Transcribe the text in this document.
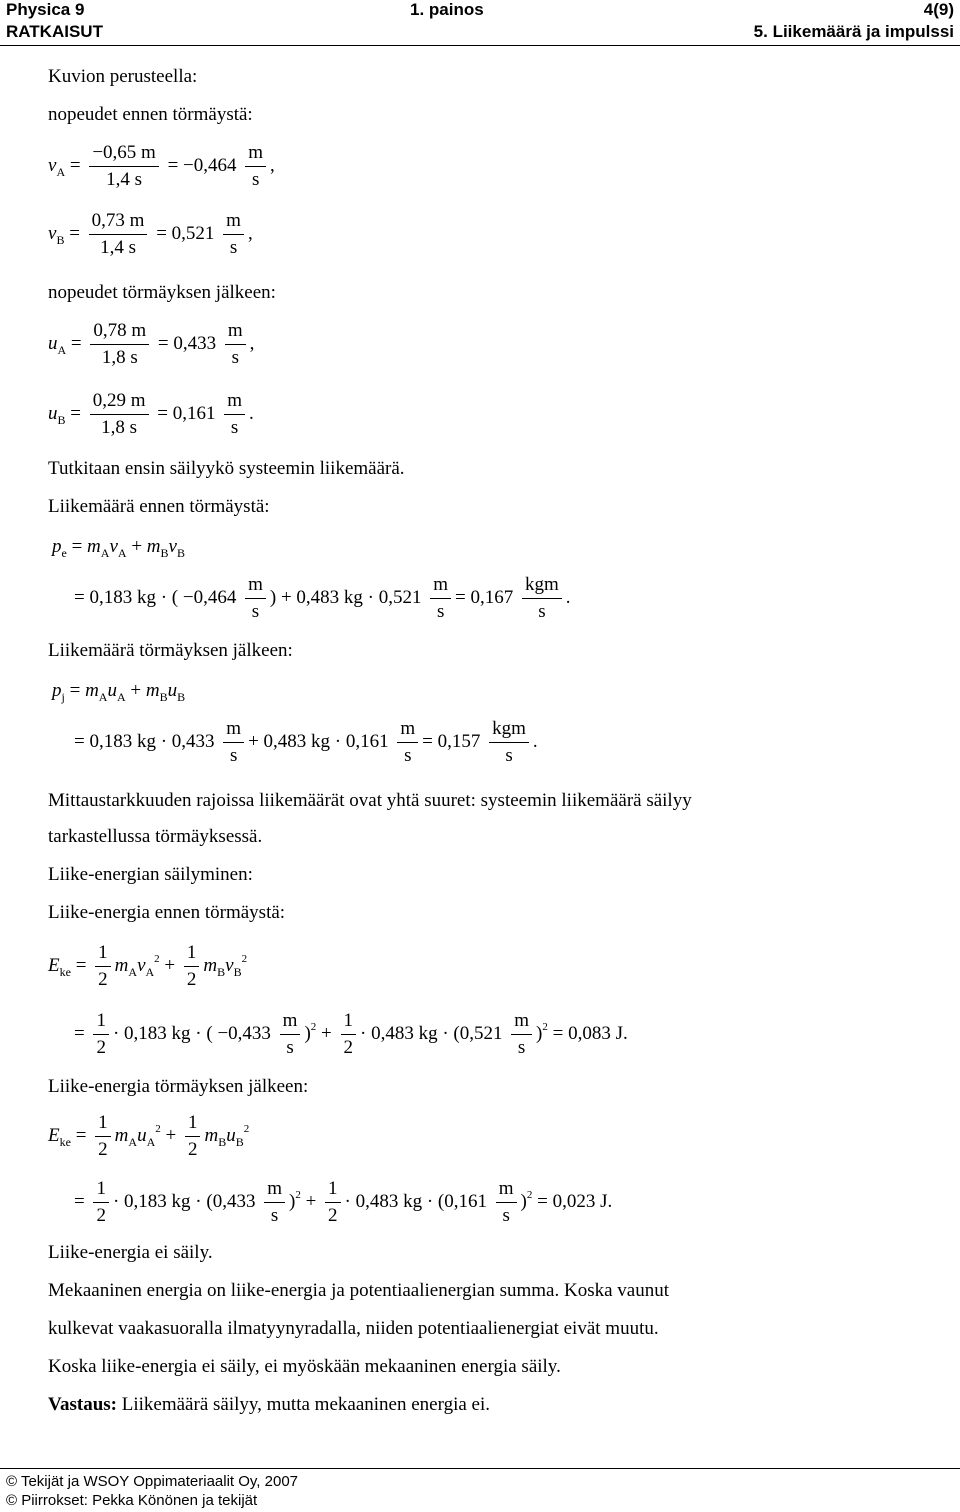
Physica 9	1. painos	4(9)
RATKAISUT	5. Liikemäärä ja impulssi
Kuvion perusteella:
nopeudet ennen törmäystä:
$v_A = \frac{-0,65 m}{1,4 s} = -0,464 \frac{m}{s}$ ,
$v_B = \frac{0,73 m}{1,4 s} = 0,521 \frac{m}{s}$ ,
nopeudet törmäyksen jälkeen:
$u_A = \frac{0,78 m}{1,8 s} = 0,433 \frac{m}{s}$ ,
$u_B = \frac{0,29 m}{1,8 s} = 0,161 \frac{m}{s}$ .
Tutkitaan ensin säilyykö systeemin liikemäärä.
Liikemäärä ennen törmäystä:
$p_e = m_Av_A + m_Bv_B$
= 0,183 kg · ( $-0,464 \frac{m}{s}$ ) + 0,483 kg · $0,521 \frac{m}{s} = 0,167 \frac{\text{kgm}}{s}$ .
Liikemäärä törmäyksen jälkeen:
$p_j = m_Au_A + m_Bu_B$
= 0,183 kg · $0,433 \frac{m}{s} + 0,483$ kg · $0,161 \frac{m}{s} = 0,157 \frac{\text{kgm}}{s}$ .
Mittaustarkkuuden rajoissa liikemäärät ovat yhtä suuret: systeemin liikemäärä säilyy
tarkastellussa törmäyksessä.
Liike-energian säilyminen:
Liike-energia ennen törmäystä:
$E_{ke} = \frac{1}{2} m_Av_A^2 + \frac{1}{2} m_Bv_B^2$
= $\frac{1}{2} \cdot 0,183$ kg · ( $-0,433 \frac{m}{s} )^2 + \frac{1}{2} \cdot 0,483$ kg · $(0,521 \frac{m}{s} )^2 = 0,083$ J.
Liike-energia törmäyksen jälkeen:
$E_{ke} = \frac{1}{2} m_Au_A^2 + \frac{1}{2} m_Bu_B^2$
= $\frac{1}{2} \cdot 0,183$ kg · $(0,433 \frac{m}{s} )^2 + \frac{1}{2} \cdot 0,483$ kg · $(0,161 \frac{m}{s} )^2 = 0,023$ J.
Liike-energia ei säily.
Mekaaninen energia on liike-energia ja potentiaalienergian summa. Koska vaunut
kulkevat vaakasuoralla ilmatyynyradalla, niiden potentiaalienergiat eivät muutu.
Koska liike-energia ei säily, ei myöskään mekaaninen energia säily.
Vastaus: Liikemäärä säilyy, mutta mekaaninen energia ei.
© Tekijät ja WSOY Oppimateriaalit Oy, 2007
© Piirrokset: Pekka Könönen ja tekijät
